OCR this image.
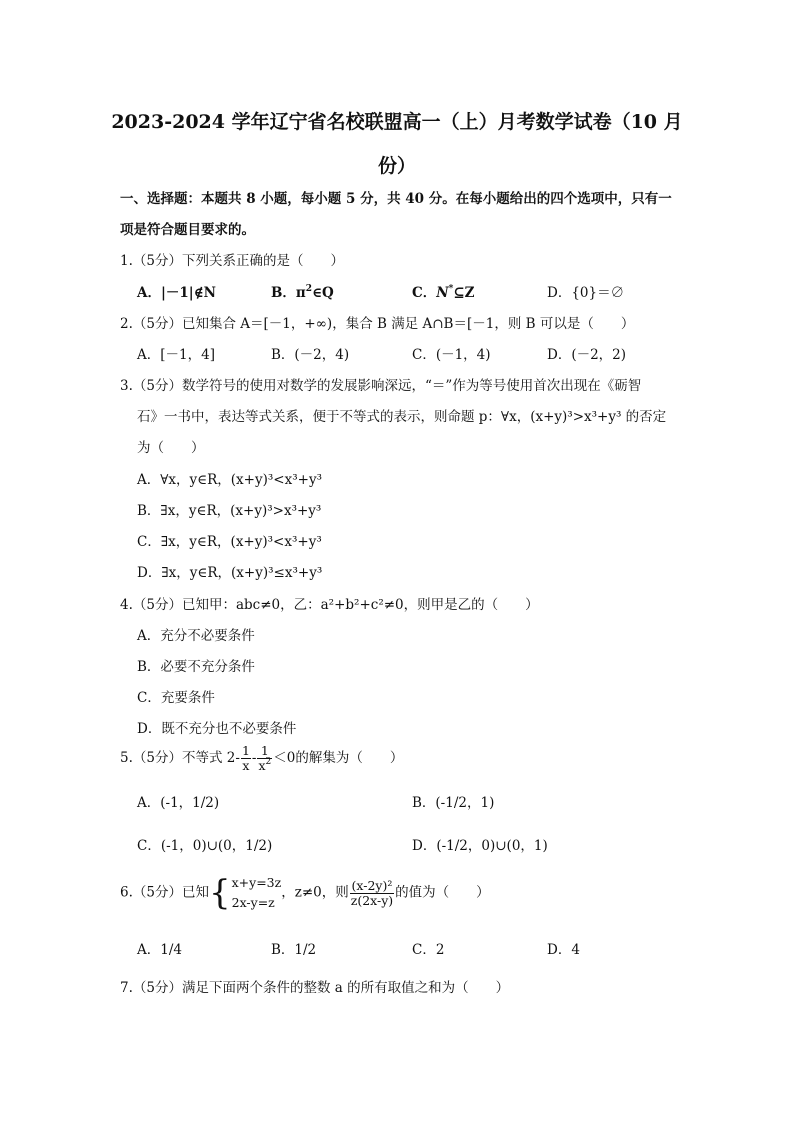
2023-2024 学年辽宁省名校联盟高一（上）月考数学试卷（10 月
份）
一、选择题：本题共 8 小题，每小题 5 分，共 40 分。在每小题给出的四个选项中，只有一项是符合题目要求的。
1.（5分）下列关系正确的是（　　）
A．|－1|∉N	B．$\pi^2\in Q$	C．N*⊆Z	D．{0}＝∅
2.（5分）已知集合 A＝[－1，+∞)，集合 B 满足 A∩B＝[－1，则 B 可以是（　　）
A．[－1，4]	B．(－2，4)	C．(－1，4)	D．(－2，2)
3.（5分）数学符号的使用对数学的发展影响深远，“＝”作为等号使用首次出现在《砺智
石》一书中，表达等式关系，便于不等式的表示，则命题 p：∀x，(x+y)³>x³+y³ 的否定
为（　　）
A．∀x，y∈R，(x+y)³<x³+y³
B．∃x，y∈R，(x+y)³>x³+y³
C．∃x，y∈R，(x+y)³<x³+y³
D．∃x，y∈R，(x+y)³≤x³+y³
4.（5分）已知甲：abc≠0，乙：a²+b²+c²≠0，则甲是乙的（　　）
A．充分不必要条件
B．必要不充分条件
C．充要条件
D．既不充分也不必要条件
5.（5分）不等式 $2- \frac{1}{x} - \frac{1}{x^2} <0$的解集为（　　）
A．(-1，1/2)	B．(-1/2，1)
C．(-1，0)∪(0，1/2)	D．(-1/2，0)∪(0，1)
6.（5分）已知{ x+y=3z
2x-y=z
，z≠0，则 $\frac{\text{(x-2y)²}}{z(2x-y)}$ 的值为（　　）
A．1/4	B．1/2	C．2	D．4
7.（5分）满足下面两个条件的整数 a 的所有取值之和为（　　）
